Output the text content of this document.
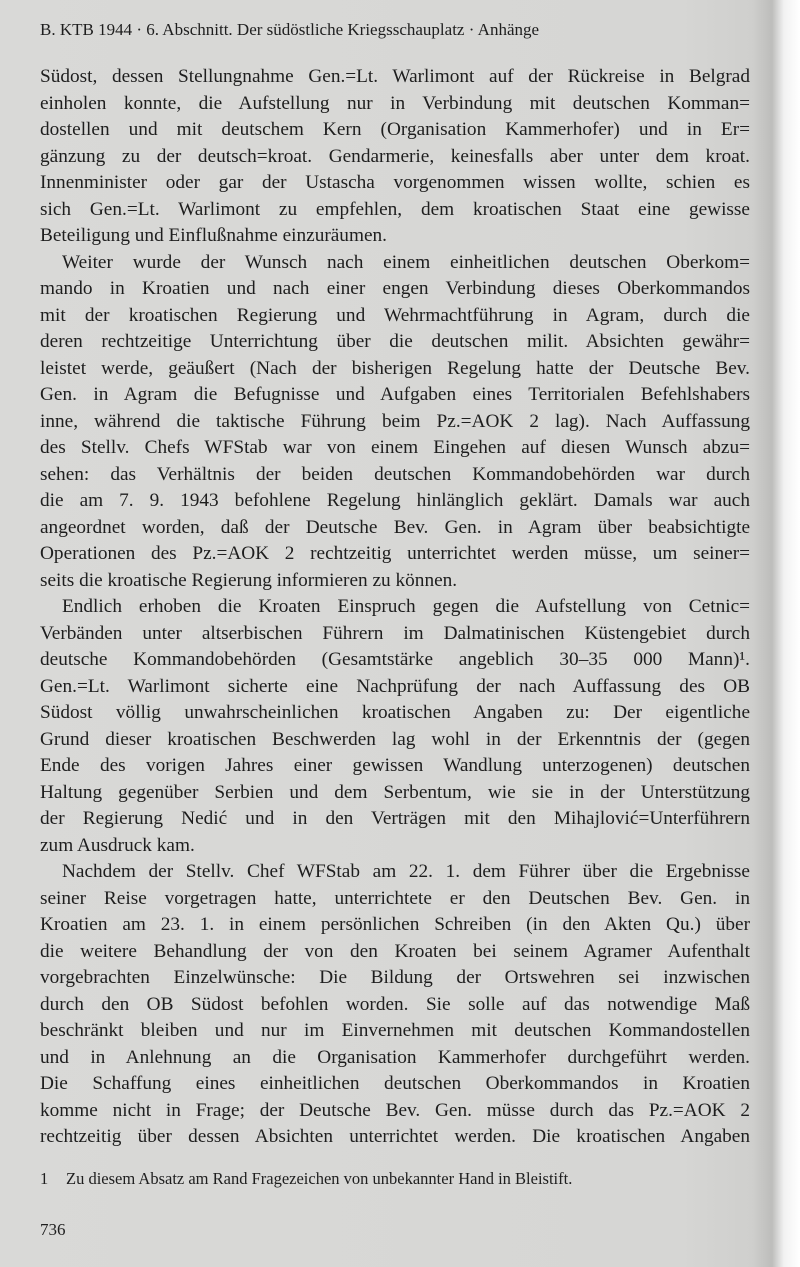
B. KTB 1944 · 6. Abschnitt. Der südöstliche Kriegsschauplatz · Anhänge
Südost, dessen Stellungnahme Gen.=Lt. Warlimont auf der Rückreise in Belgrad
einholen konnte, die Aufstellung nur in Verbindung mit deutschen Komman=
dostellen und mit deutschem Kern (Organisation Kammerhofer) und in Er=
gänzung zu der deutsch=kroat. Gendarmerie, keinesfalls aber unter dem kroat.
Innenminister oder gar der Ustascha vorgenommen wissen wollte, schien es
sich Gen.=Lt. Warlimont zu empfehlen, dem kroatischen Staat eine gewisse
Beteiligung und Einflußnahme einzuräumen.
Weiter wurde der Wunsch nach einem einheitlichen deutschen Oberkom=
mando in Kroatien und nach einer engen Verbindung dieses Oberkommandos
mit der kroatischen Regierung und Wehrmachtführung in Agram, durch die
deren rechtzeitige Unterrichtung über die deutschen milit. Absichten gewähr=
leistet werde, geäußert (Nach der bisherigen Regelung hatte der Deutsche Bev.
Gen. in Agram die Befugnisse und Aufgaben eines Territorialen Befehlshabers
inne, während die taktische Führung beim Pz.=AOK 2 lag). Nach Auffassung
des Stellv. Chefs WFStab war von einem Eingehen auf diesen Wunsch abzu=
sehen: das Verhältnis der beiden deutschen Kommandobehörden war durch
die am 7. 9. 1943 befohlene Regelung hinlänglich geklärt. Damals war auch
angeordnet worden, daß der Deutsche Bev. Gen. in Agram über beabsichtigte
Operationen des Pz.=AOK 2 rechtzeitig unterrichtet werden müsse, um seiner=
seits die kroatische Regierung informieren zu können.
Endlich erhoben die Kroaten Einspruch gegen die Aufstellung von Cetnic=
Verbänden unter altserbischen Führern im Dalmatinischen Küstengebiet durch
deutsche Kommandobehörden (Gesamtstärke angeblich 30–35 000 Mann)¹.
Gen.=Lt. Warlimont sicherte eine Nachprüfung der nach Auffassung des OB
Südost völlig unwahrscheinlichen kroatischen Angaben zu: Der eigentliche
Grund dieser kroatischen Beschwerden lag wohl in der Erkenntnis der (gegen
Ende des vorigen Jahres einer gewissen Wandlung unterzogenen) deutschen
Haltung gegenüber Serbien und dem Serbentum, wie sie in der Unterstützung
der Regierung Nedić und in den Verträgen mit den Mihajlović=Unterführern
zum Ausdruck kam.
Nachdem der Stellv. Chef WFStab am 22. 1. dem Führer über die Ergebnisse
seiner Reise vorgetragen hatte, unterrichtete er den Deutschen Bev. Gen. in
Kroatien am 23. 1. in einem persönlichen Schreiben (in den Akten Qu.) über
die weitere Behandlung der von den Kroaten bei seinem Agramer Aufenthalt
vorgebrachten Einzelwünsche: Die Bildung der Ortswehren sei inzwischen
durch den OB Südost befohlen worden. Sie solle auf das notwendige Maß
beschränkt bleiben und nur im Einvernehmen mit deutschen Kommandostellen
und in Anlehnung an die Organisation Kammerhofer durchgeführt werden.
Die Schaffung eines einheitlichen deutschen Oberkommandos in Kroatien
komme nicht in Frage; der Deutsche Bev. Gen. müsse durch das Pz.=AOK 2
rechtzeitig über dessen Absichten unterrichtet werden. Die kroatischen Angaben
1 Zu diesem Absatz am Rand Fragezeichen von unbekannter Hand in Bleistift.
736
